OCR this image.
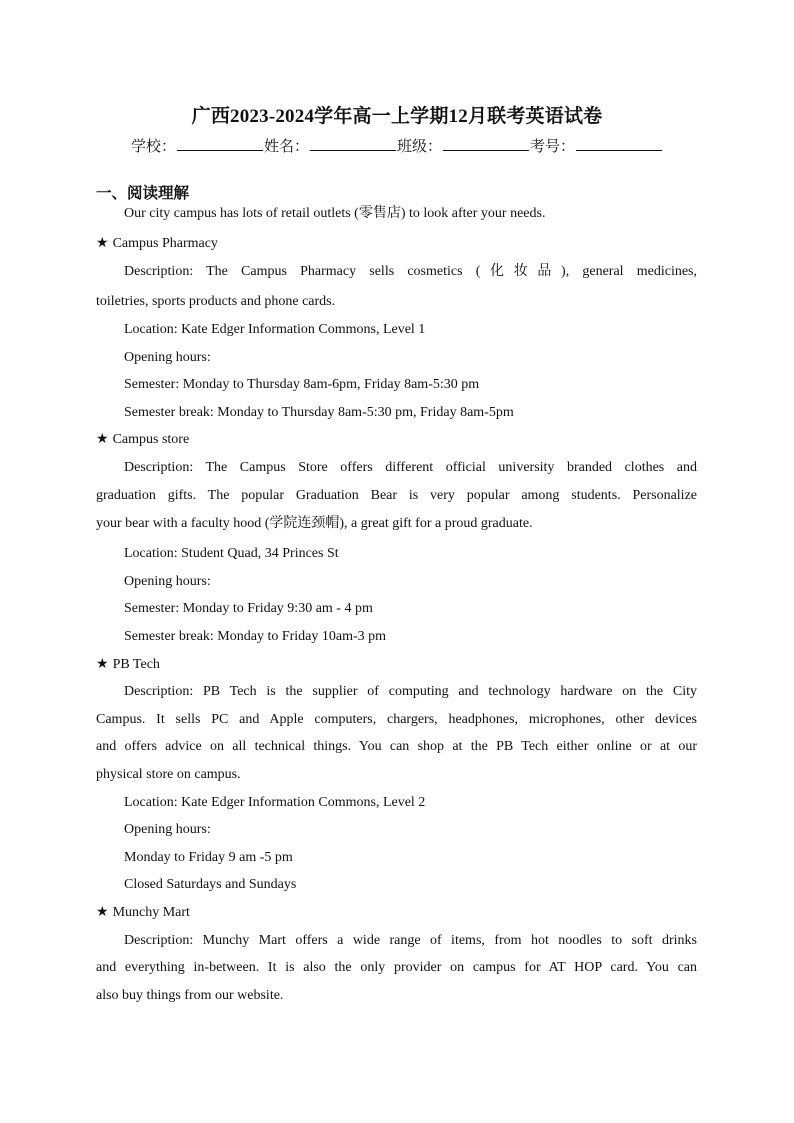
广西2023-2024学年高一上学期12月联考英语试卷
学校：	姓名：	班级：	考号：
一、阅读理解
Our city campus has lots of retail outlets (零售店) to look after your needs.
★ Campus Pharmacy
Description: The Campus Pharmacy sells cosmetics (化妆品), general medicines,
toiletries, sports products and phone cards.
Location: Kate Edger Information Commons, Level 1
Opening hours:
Semester: Monday to Thursday 8am-6pm, Friday 8am-5:30 pm
Semester break: Monday to Thursday 8am-5:30 pm, Friday 8am-5pm
★ Campus store
Description: The Campus Store offers different official university branded clothes and
graduation gifts. The popular Graduation Bear is very popular among students. Personalize
your bear with a faculty hood (学院连颈帽), a great gift for a proud graduate.
Location: Student Quad, 34 Princes St
Opening hours:
Semester: Monday to Friday 9:30 am - 4 pm
Semester break: Monday to Friday 10am-3 pm
★ PB Tech
Description: PB Tech is the supplier of computing and technology hardware on the City
Campus. It sells PC and Apple computers, chargers, headphones, microphones, other devices
and offers advice on all technical things. You can shop at the PB Tech either online or at our
physical store on campus.
Location: Kate Edger Information Commons, Level 2
Opening hours:
Monday to Friday 9 am -5 pm
Closed Saturdays and Sundays
★ Munchy Mart
Description: Munchy Mart offers a wide range of items, from hot noodles to soft drinks
and everything in-between. It is also the only provider on campus for AT HOP card. You can
also buy things from our website.
